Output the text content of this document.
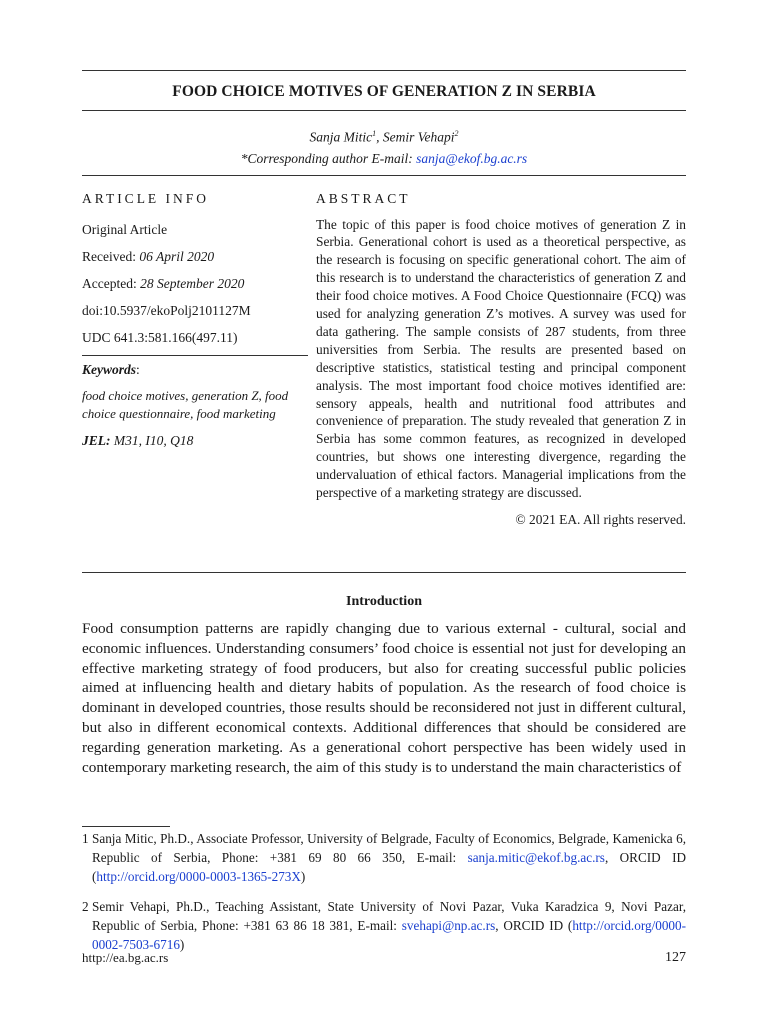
FOOD CHOICE MOTIVES OF GENERATION Z IN SERBIA
Sanja Mitic$^1$, Semir Vehapi$^2$
*Corresponding author E-mail: sanja@ekof.bg.ac.rs
ARTICLE INFO
Original Article
Received: 06 April 2020
Accepted: 28 September 2020
doi:10.5937/ekoPolj2101127M
UDC 641.3:581.166(497.11)
Keywords:
food choice motives, generation Z, food choice questionnaire, food marketing
JEL: M31, I10, Q18
ABSTRACT
The topic of this paper is food choice motives of generation Z in Serbia. Generational cohort is used as a theoretical perspective, as the research is focusing on specific generational cohort. The aim of this research is to understand the characteristics of generation Z and their food choice motives. A Food Choice Questionnaire (FCQ) was used for analyzing generation Z’s motives. A survey was used for data gathering. The sample consists of 287 students, from three universities from Serbia. The results are presented based on descriptive statistics, statistical testing and principal component analysis. The most important food choice motives identified are: sensory appeals, health and nutritional food attributes and convenience of preparation. The study revealed that generation Z in Serbia has some common features, as recognized in developed countries, but shows one interesting divergence, regarding the undervaluation of ethical factors. Managerial implications from the perspective of a marketing strategy are discussed.
© 2021 EA. All rights reserved.
Introduction
Food consumption patterns are rapidly changing due to various external - cultural, social and economic influences. Understanding consumers’ food choice is essential not just for developing an effective marketing strategy of food producers, but also for creating successful public policies aimed at influencing health and dietary habits of population. As the research of food choice is dominant in developed countries, those results should be reconsidered not just in different cultural, but also in different economical contexts. Additional differences that should be considered are regarding generation marketing. As a generational cohort perspective has been widely used in contemporary marketing research, the aim of this study is to understand the main characteristics of
1 Sanja Mitic, Ph.D., Associate Professor, University of Belgrade, Faculty of Economics, Belgrade, Kamenicka 6, Republic of Serbia, Phone: +381 69 80 66 350, E-mail: sanja.mitic@ekof.bg.ac.rs, ORCID ID (http://orcid.org/0000-0003-1365-273X)
2 Semir Vehapi, Ph.D., Teaching Assistant, State University of Novi Pazar, Vuka Karadzica 9, Novi Pazar, Republic of Serbia, Phone: +381 63 86 18 381, E-mail: svehapi@np.ac.rs, ORCID ID (http://orcid.org/0000-0002-7503-6716)
http://ea.bg.ac.rs	127
